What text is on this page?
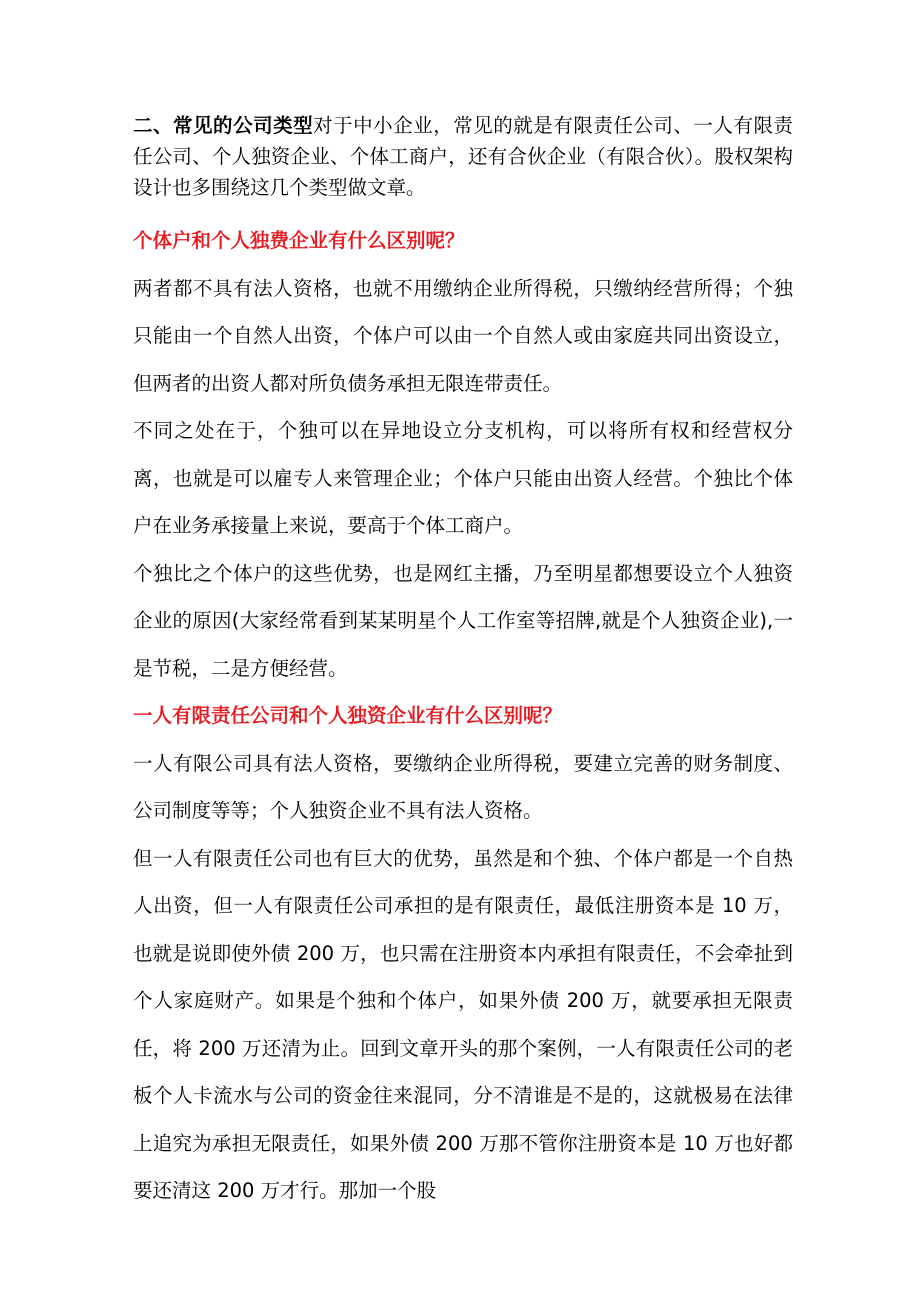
二、常见的公司类型对于中小企业，常见的就是有限责任公司、一人有限责任公司、个人独资企业、个体工商户，还有合伙企业（有限合伙）。股权架构设计也多围绕这几个类型做文章。

个体户和个人独费企业有什么区别呢？

两者都不具有法人资格，也就不用缴纳企业所得税，只缴纳经营所得；个独只能由一个自然人出资，个体户可以由一个自然人或由家庭共同出资设立，但两者的出资人都对所负债务承担无限连带责任。

不同之处在于，个独可以在异地设立分支机构，可以将所有权和经营权分离，也就是可以雇专人来管理企业；个体户只能由出资人经营。个独比个体户在业务承接量上来说，要高于个体工商户。

个独比之个体户的这些优势，也是网红主播，乃至明星都想要设立个人独资企业的原因(大家经常看到某某明星个人工作室等招牌,就是个人独资企业),一是节税，二是方便经营。

一人有限责任公司和个人独资企业有什么区别呢？

一人有限公司具有法人资格，要缴纳企业所得税，要建立完善的财务制度、公司制度等等；个人独资企业不具有法人资格。

但一人有限责任公司也有巨大的优势，虽然是和个独、个体户都是一个自热人出资，但一人有限责任公司承担的是有限责任，最低注册资本是 10 万，也就是说即使外债 200 万，也只需在注册资本内承担有限责任，不会牵扯到个人家庭财产。如果是个独和个体户，如果外债 200 万，就要承担无限责任，将 200 万还清为止。回到文章开头的那个案例，一人有限责任公司的老板个人卡流水与公司的资金往来混同，分不清谁是不是的，这就极易在法律上追究为承担无限责任，如果外债 200 万那不管你注册资本是 10 万也好都要还清这 200 万才行。那加一个股
